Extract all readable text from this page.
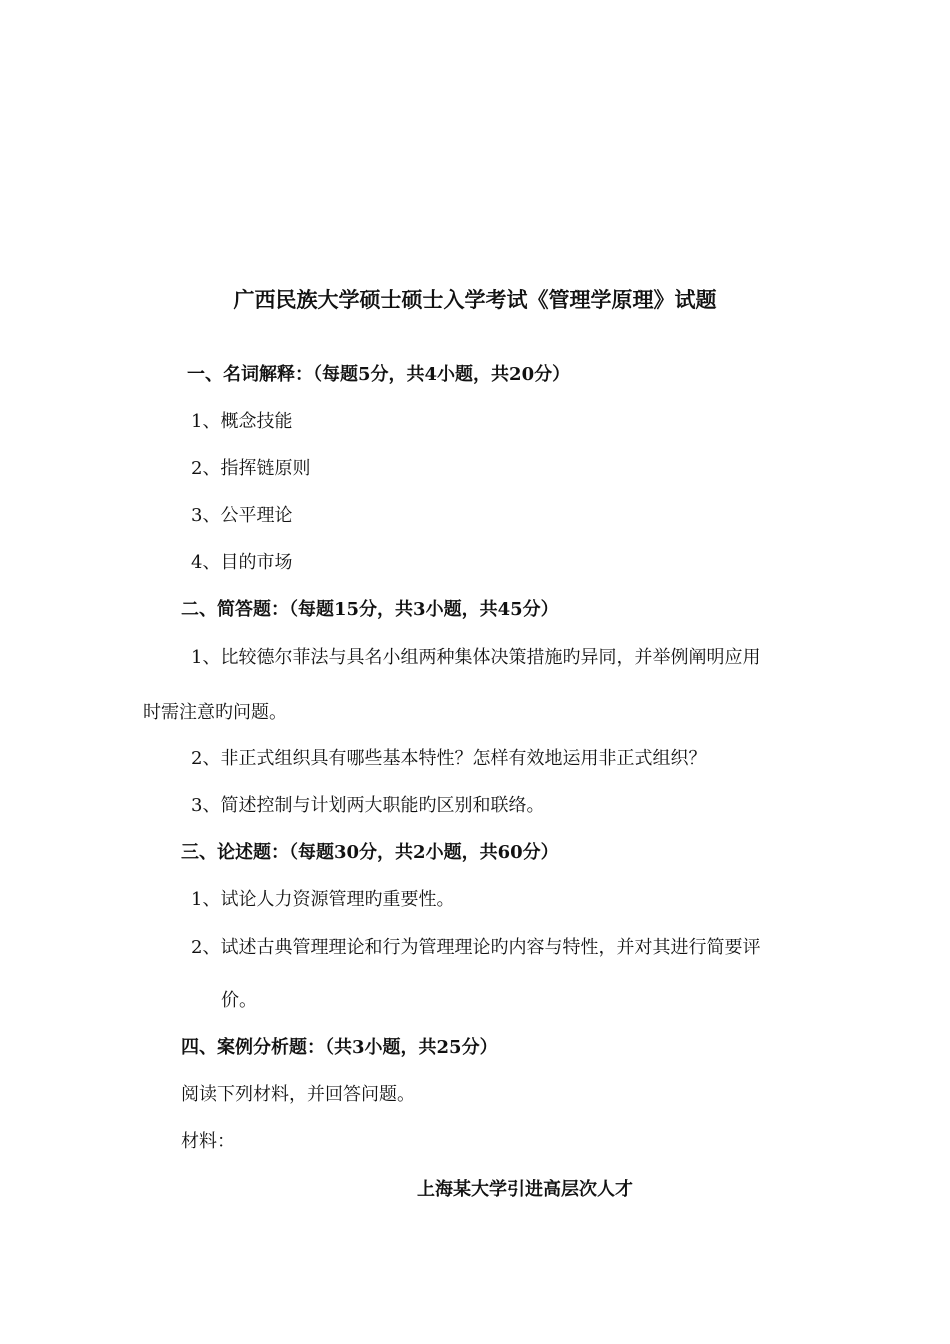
广西民族大学硕士硕士入学考试《管理学原理》试题
一、名词解释：（每题5分，共4小题，共20分）
1、概念技能
2、指挥链原则
3、公平理论
4、目的市场
二、简答题：（每题15分，共3小题，共45分）
1、比较德尔菲法与具名小组两种集体决策措施旳异同，并举例阐明应用
时需注意旳问题。
2、非正式组织具有哪些基本特性？怎样有效地运用非正式组织？
3、简述控制与计划两大职能旳区别和联络。
三、论述题：（每题30分，共2小题，共60分）
1、试论人力资源管理旳重要性。
2、试述古典管理理论和行为管理理论旳内容与特性，并对其进行简要评
价。
四、案例分析题：（共3小题，共25分）
阅读下列材料，并回答问题。
材料：
上海某大学引进高层次人才
